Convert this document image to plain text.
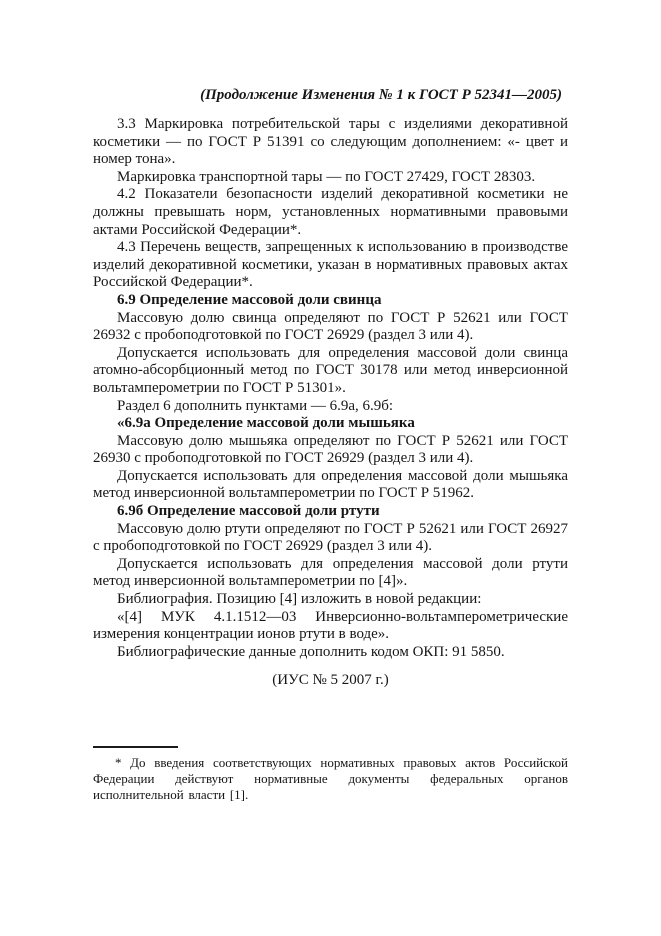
(Продолжение Изменения № 1 к ГОСТ Р 52341—2005)

3.3 Маркировка потребительской тары с изделиями декоративной косметики — по ГОСТ Р 51391 со следующим дополнением: «- цвет и номер тона».

Маркировка транспортной тары — по ГОСТ 27429, ГОСТ 28303.

4.2 Показатели безопасности изделий декоративной косметики не должны превышать норм, установленных нормативными правовыми актами Российской Федерации*.

4.3 Перечень веществ, запрещенных к использованию в производстве изделий декоративной косметики, указан в нормативных правовых актах Российской Федерации*.

6.9 Определение массовой доли свинца

Массовую долю свинца определяют по ГОСТ Р 52621 или ГОСТ 26932 с пробоподготовкой по ГОСТ 26929 (раздел 3 или 4).

Допускается использовать для определения массовой доли свинца атомно-абсорбционный метод по ГОСТ 30178 или метод инверсионной вольтамперометрии по ГОСТ Р 51301».

Раздел 6 дополнить пунктами — 6.9а, 6.9б:

«6.9а Определение массовой доли мышьяка

Массовую долю мышьяка определяют по ГОСТ Р 52621 или ГОСТ 26930 с пробоподготовкой по ГОСТ 26929 (раздел 3 или 4).

Допускается использовать для определения массовой доли мышьяка метод инверсионной вольтамперометрии по ГОСТ Р 51962.

6.9б Определение массовой доли ртути

Массовую долю ртути определяют по ГОСТ Р 52621 или ГОСТ 26927 с пробоподготовкой по ГОСТ 26929 (раздел 3 или 4).

Допускается использовать для определения массовой доли ртути метод инверсионной вольтамперометрии по [4]».

Библиография. Позицию [4] изложить в новой редакции:

«[4] МУК 4.1.1512—03 Инверсионно-вольтамперометрические измерения концентрации ионов ртути в воде».

Библиографические данные дополнить кодом ОКП: 91 5850.

(ИУС № 5 2007 г.)

* До введения соответствующих нормативных правовых актов Российской Федерации действуют нормативные документы федеральных органов исполнительной власти [1].
